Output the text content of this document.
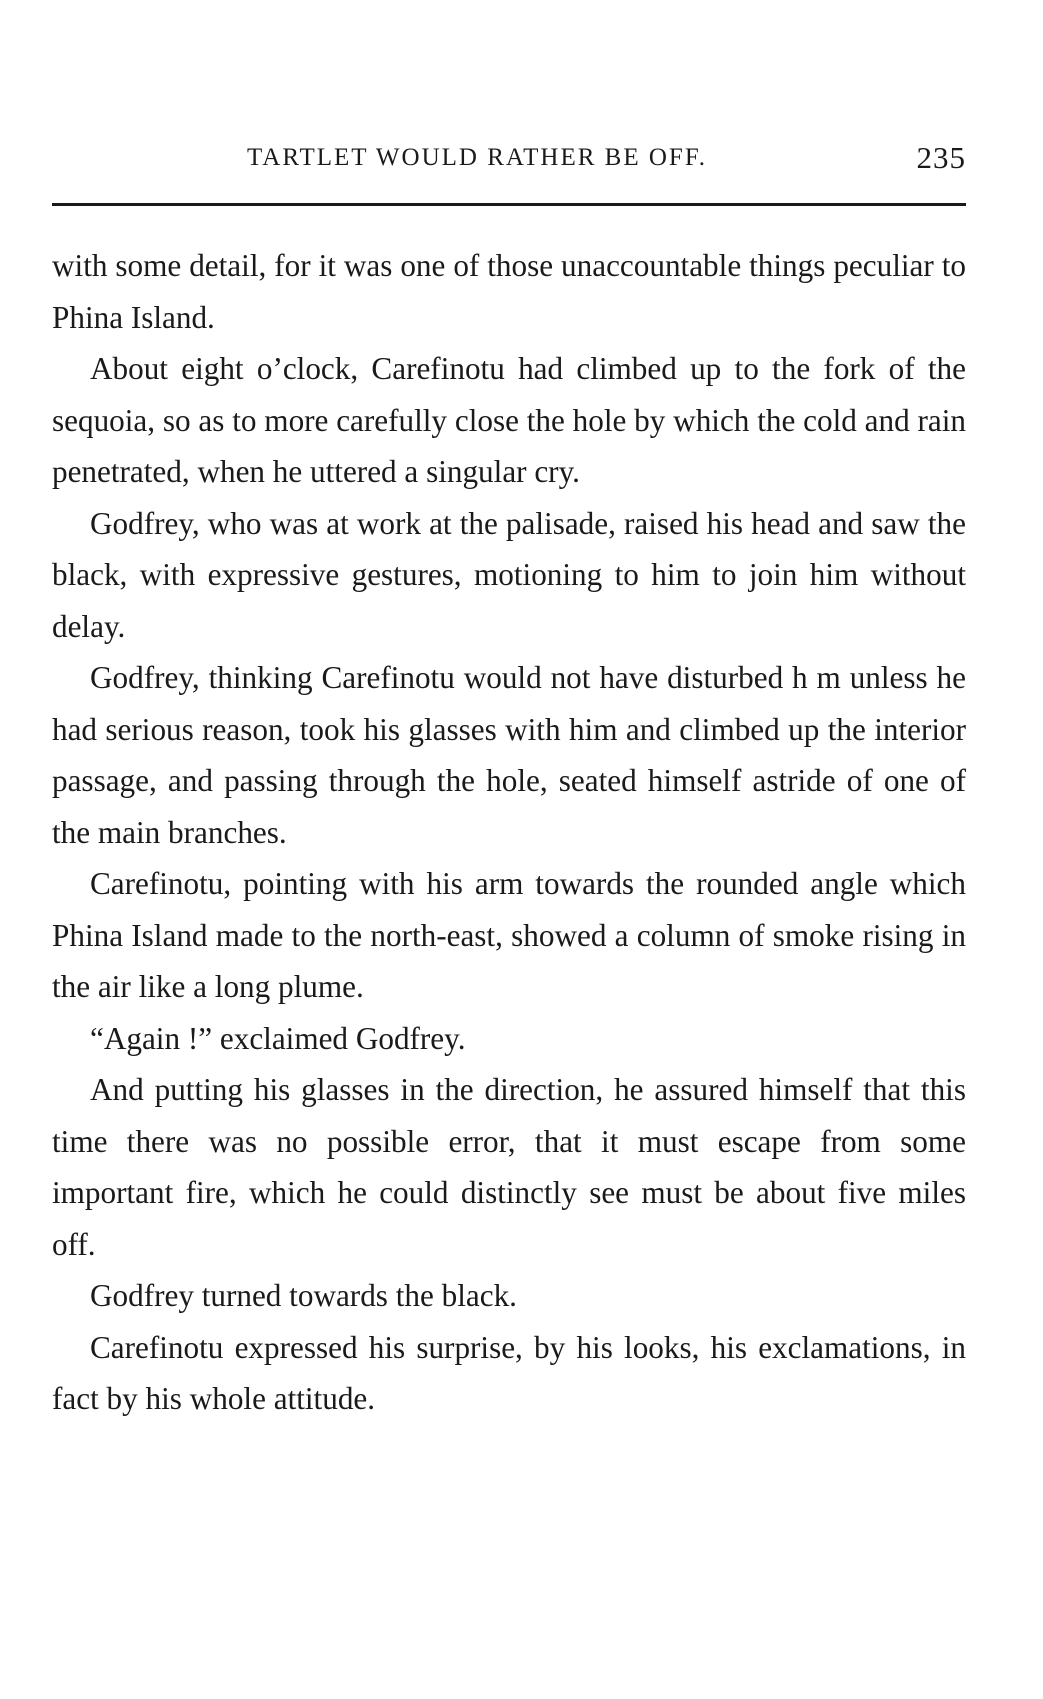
TARTLET WOULD RATHER BE OFF.	235

with some detail, for it was one of those unaccountable things peculiar to Phina Island.

About eight o’clock, Carefinotu had climbed up to the fork of the sequoia, so as to more carefully close the hole by which the cold and rain penetrated, when he uttered a singular cry.

Godfrey, who was at work at the palisade, raised his head and saw the black, with expressive gestures, motioning to him to join him without delay.

Godfrey, thinking Carefinotu would not have disturbed h m unless he had serious reason, took his glasses with him and climbed up the interior passage, and passing through the hole, seated himself astride of one of the main branches.

Carefinotu, pointing with his arm towards the rounded angle which Phina Island made to the north-east, showed a column of smoke rising in the air like a long plume.

“Again !” exclaimed Godfrey.

And putting his glasses in the direction, he assured himself that this time there was no possible error, that it must escape from some important fire, which he could distinctly see must be about five miles off.

Godfrey turned towards the black.

Carefinotu expressed his surprise, by his looks, his exclamations, in fact by his whole attitude.
